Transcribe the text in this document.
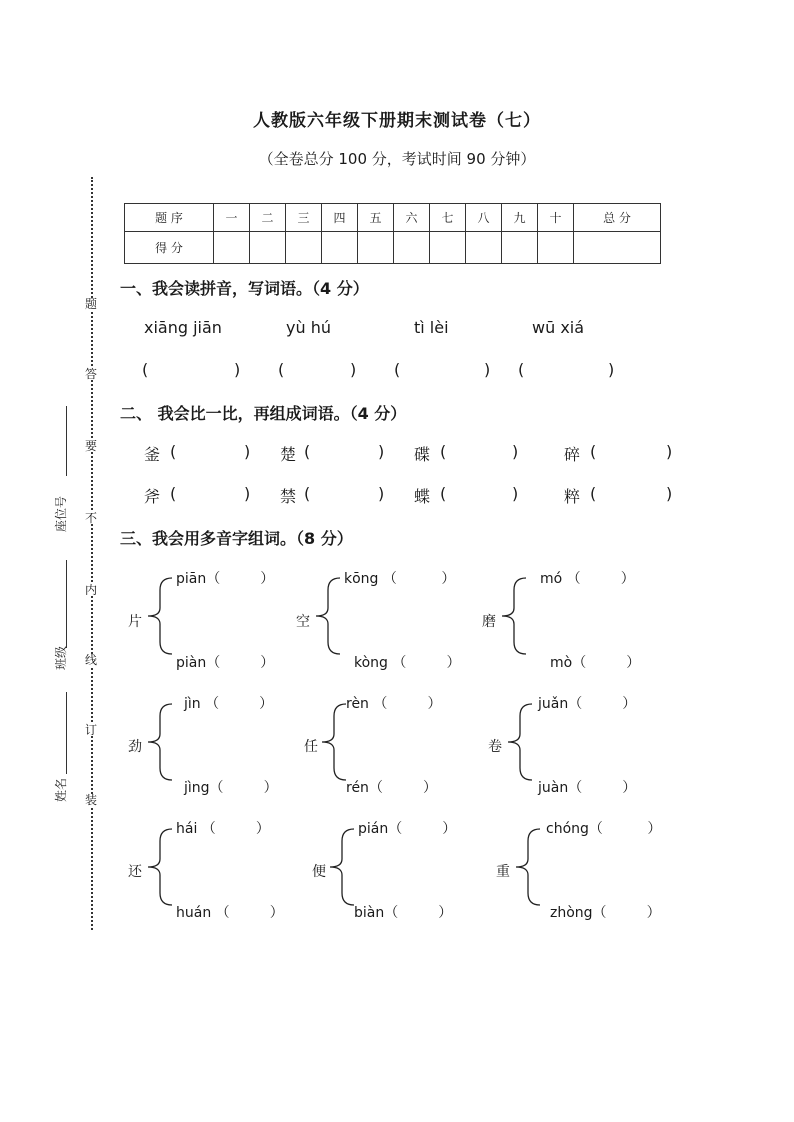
人教版六年级下册期末测试卷（七）
（全卷总分 100 分，考试时间 90 分钟）
题
答
要
不
内
线
订
装
座位号
班级
姓名
题 序	一	二	三	四	五	六	七	八	九	十	总 分
得 分											
一、我会读拼音，写词语。（4 分）
xiāng jiān	yù hú	tì lèi	wū xiá
(	) (	) (	) (	)
二、 我会比一比，再组成词语。（4 分）
釜 (	) 楚 (	) 碟 (	)	碎 (	)
斧 (	) 禁 (	) 蝶 (	)	粹 (	)
三、我会用多音字组词。（8 分）
片
piān（         ）
piàn（         ）
空
kōng （          ）
kòng （         ）
磨
mó （         ）
mò（         ）
劲
jìn （         ）
jìng（         ）
任
rèn （         ）
rén（         ）
卷
juǎn（         ）
juàn（         ）
还
hái （         ）
huán （         ）
便
pián（         ）
biàn（         ）
重
chóng（          ）
zhòng（         ）
